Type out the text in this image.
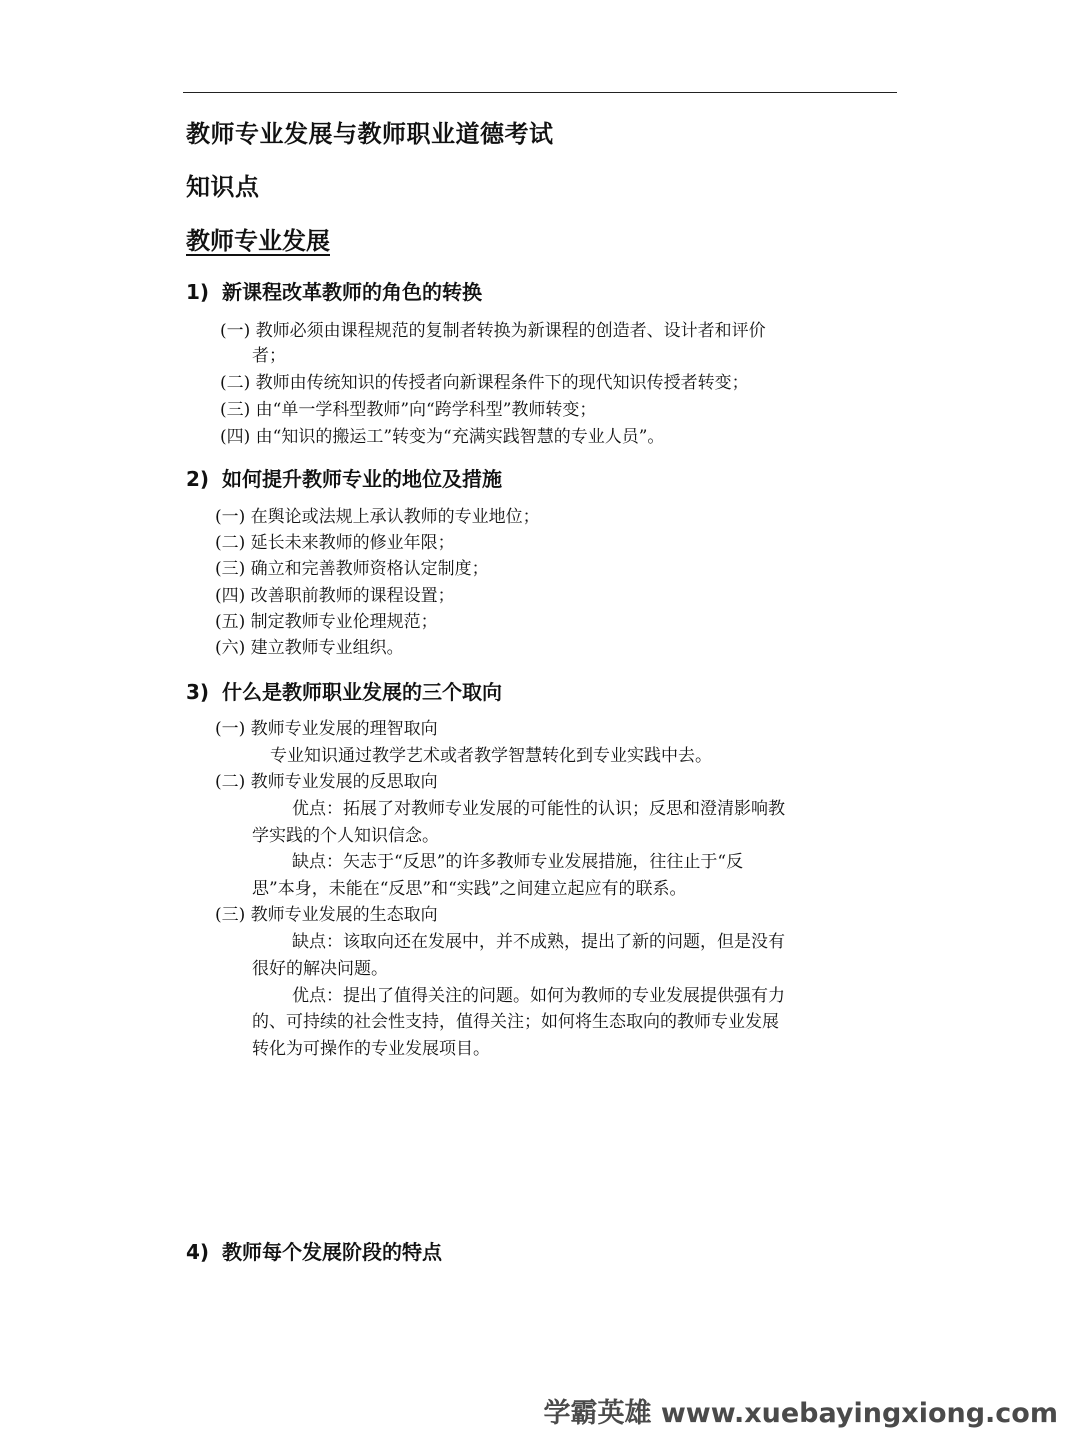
教师专业发展与教师职业道德考试
知识点
教师专业发展
1) 新课程改革教师的角色的转换
(一) 教师必须由课程规范的复制者转换为新课程的创造者、设计者和评价
者；
(二) 教师由传统知识的传授者向新课程条件下的现代知识传授者转变；
(三) 由“单一学科型教师”向“跨学科型”教师转变；
(四) 由“知识的搬运工”转变为“充满实践智慧的专业人员”。
2) 如何提升教师专业的地位及措施
(一) 在舆论或法规上承认教师的专业地位；
(二) 延长未来教师的修业年限；
(三) 确立和完善教师资格认定制度；
(四) 改善职前教师的课程设置；
(五) 制定教师专业伦理规范；
(六) 建立教师专业组织。
3) 什么是教师职业发展的三个取向
(一) 教师专业发展的理智取向
专业知识通过教学艺术或者教学智慧转化到专业实践中去。
(二) 教师专业发展的反思取向
优点：拓展了对教师专业发展的可能性的认识；反思和澄清影响教
学实践的个人知识信念。
缺点：矢志于“反思”的许多教师专业发展措施，往往止于“反
思”本身，未能在“反思”和“实践”之间建立起应有的联系。
(三) 教师专业发展的生态取向
缺点：该取向还在发展中，并不成熟，提出了新的问题，但是没有
很好的解决问题。
优点：提出了值得关注的问题。如何为教师的专业发展提供强有力
的、可持续的社会性支持，值得关注；如何将生态取向的教师专业发展
转化为可操作的专业发展项目。
4) 教师每个发展阶段的特点
学霸英雄 www.xuebayingxiong.com
